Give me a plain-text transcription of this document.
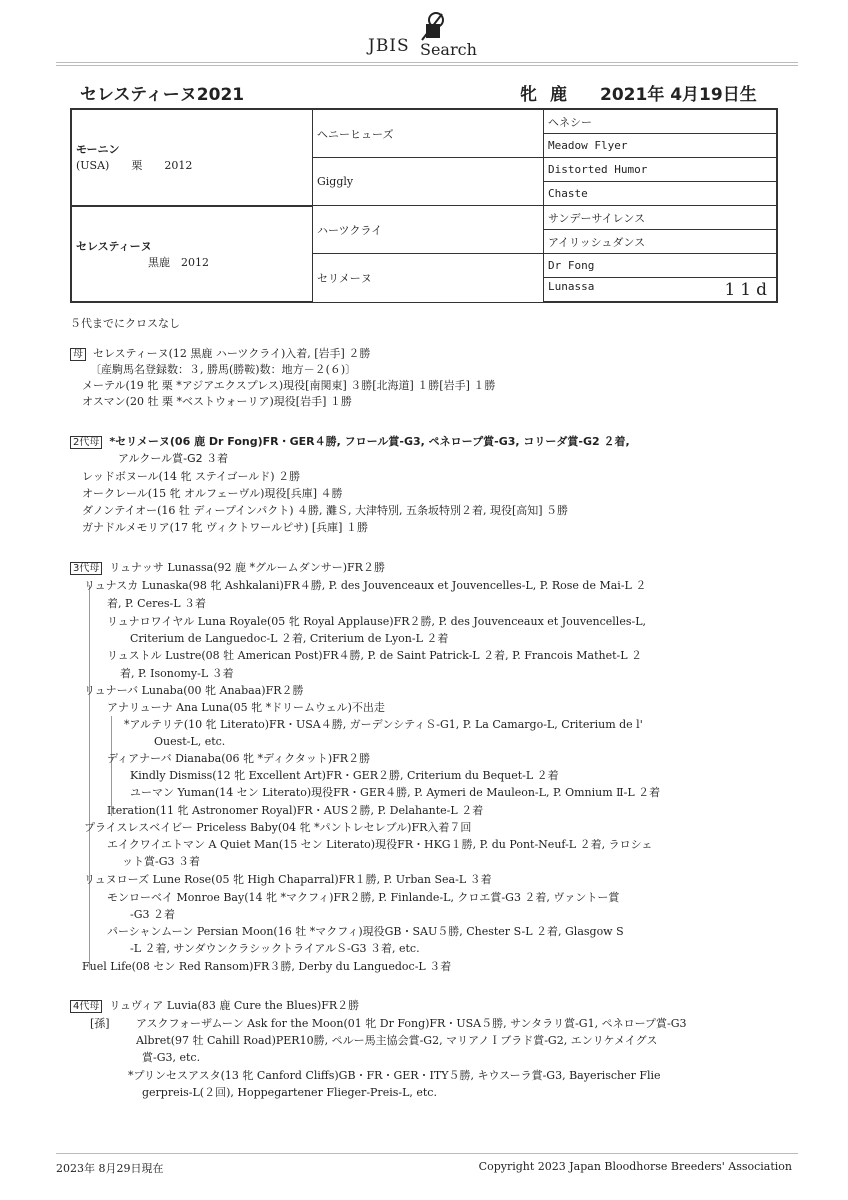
JBIS Search
セレスティーヌ2021	牝 鹿 2021年 4月19日生
モーニン
(USA)　　栗　　2012	ヘニーヒューズ	ヘネシー
		Meadow Flyer
	Giggly	Distorted Humor
		Chaste

セレスティーヌ
黒鹿　2012	ハーツクライ	サンデーサイレンス
		アイリッシュダンス
	セリメーヌ	Dr Fong
		Lunassa 11d
５代までにクロスなし
母 セレスティーヌ(12 黒鹿 ハーツクライ)入着, [岩手] ２勝
〔産駒馬名登録数：３, 勝馬(勝鞍)数：地方－２(６)〕
メーテル(19 牝 栗 *アジアエクスプレス)現役[南関東] ３勝[北海道] １勝[岩手] １勝
オスマン(20 牡 栗 *ベストウォーリア)現役[岩手] １勝
2代母 *セリメーヌ(06 鹿 Dr Fong)FR・GER４勝, フロール賞-G3, ペネロープ賞-G3, コリーダ賞-G2 ２着,
アルクール賞-G2 ３着
レッドボヌール(14 牝 ステイゴールド) ２勝
オークレール(15 牝 オルフェーヴル)現役[兵庫] ４勝
ダノンテイオー(16 牡 ディープインパクト) ４勝, 灘Ｓ, 大津特別, 五条坂特別２着, 現役[高知] ５勝
ガナドルメモリア(17 牝 ヴィクトワールピサ) [兵庫] １勝
3代母 リュナッサ Lunassa(92 鹿 *グルームダンサー)FR２勝
リュナスカ Lunaska(98 牝 Ashkalani)FR４勝, P. des Jouvenceaux et Jouvencelles-L, P. Rose de Mai-L ２
着, P. Ceres-L ３着
リュナロワイヤル Luna Royale(05 牝 Royal Applause)FR２勝, P. des Jouvenceaux et Jouvencelles-L,
Criterium de Languedoc-L ２着, Criterium de Lyon-L ２着
リュストル Lustre(08 牡 American Post)FR４勝, P. de Saint Patrick-L ２着, P. Francois Mathet-L ２
着, P. Isonomy-L ３着
リュナーバ Lunaba(00 牝 Anabaa)FR２勝
アナリューナ Ana Luna(05 牝 *ドリームウェル)不出走
*アルテリテ(10 牝 Literato)FR・USA４勝, ガーデンシティＳ-G1, P. La Camargo-L, Criterium de l'
Ouest-L, etc.
ディアナーバ Dianaba(06 牝 *ディクタット)FR２勝
Kindly Dismiss(12 牝 Excellent Art)FR・GER２勝, Criterium du Bequet-L ２着
ユーマン Yuman(14 セン Literato)現役FR・GER４勝, P. Aymeri de Mauleon-L, P. Omnium Ⅱ-L ２着
Iteration(11 牝 Astronomer Royal)FR・AUS２勝, P. Delahante-L ２着
プライスレスベイビー Priceless Baby(04 牝 *パントレセレブル)FR入着７回
エイクワイエトマン A Quiet Man(15 セン Literato)現役FR・HKG１勝, P. du Pont-Neuf-L ２着, ラロシェ
ット賞-G3 ３着
リュヌローズ Lune Rose(05 牝 High Chaparral)FR１勝, P. Urban Sea-L ３着
モンローベイ Monroe Bay(14 牝 *マクフィ)FR２勝, P. Finlande-L, クロエ賞-G3 ２着, ヴァントー賞
-G3 ２着
パーシャンムーン Persian Moon(16 牡 *マクフィ)現役GB・SAU５勝, Chester S-L ２着, Glasgow S
-L ２着, サンダウンクラシックトライアルＳ-G3 ３着, etc.
Fuel Life(08 セン Red Ransom)FR３勝, Derby du Languedoc-L ３着
4代母 リュヴィア Luvia(83 鹿 Cure the Blues)FR２勝
[孫] アスクフォーザムーン Ask for the Moon(01 牝 Dr Fong)FR・USA５勝, サンタラリ賞-G1, ペネロープ賞-G3
Albret(97 牡 Cahill Road)PER10勝, ペルー馬主協会賞-G2, マリアノＩブラド賞-G2, エンリケメイグス
賞-G3, etc.
*プリンセスアスタ(13 牝 Canford Cliffs)GB・FR・GER・ITY５勝, キウスーラ賞-G3, Bayerischer Flie
gerpreis-L(２回), Hoppegartener Flieger-Preis-L, etc.
2023年 8月29日現在	Copyright 2023 Japan Bloodhorse Breeders' Association
